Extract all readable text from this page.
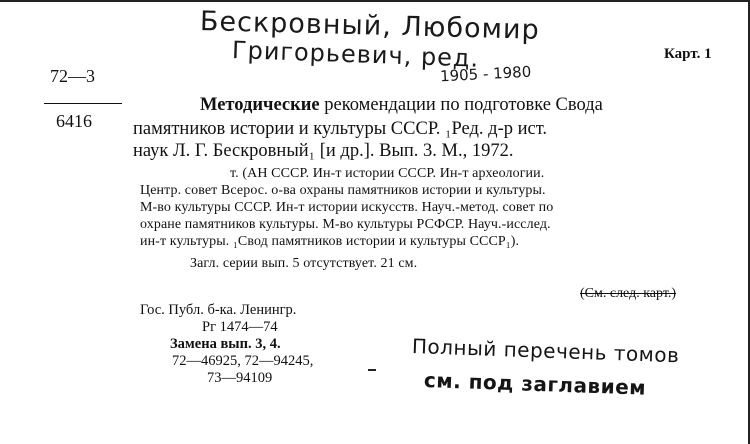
Бескровный, Любомир
Григорьевич, ред.
1905 - 1980
Карт. 1
72—3
6416
Методические рекомендации по подготовке Свода
памятников истории и культуры СССР. ₁Ред. д-р ист.
наук Л. Г. Бескровный₁ [и др.]. Вып. 3. М., 1972.
т. (АН СССР. Ин-т истории СССР. Ин-т археологии.
Центр. совет Всерос. о-ва охраны памятников истории и культуры.
М-во культуры СССР. Ин-т истории искусств. Науч.-метод. совет по
охране памятников культуры. М-во культуры РСФСР. Науч.-исслед.
ин-т культуры. ₁Свод памятников истории и культуры СССР₁).
Загл. серии вып. 5 отсутствует. 21 см.
(См. след. карт.)
Гос. Публ. б-ка. Ленингр.
Рг 1474—74
Замена вып. 3, 4.
72—46925, 72—94245,
73—94109
Полный перечень томов
см. под заглавием
